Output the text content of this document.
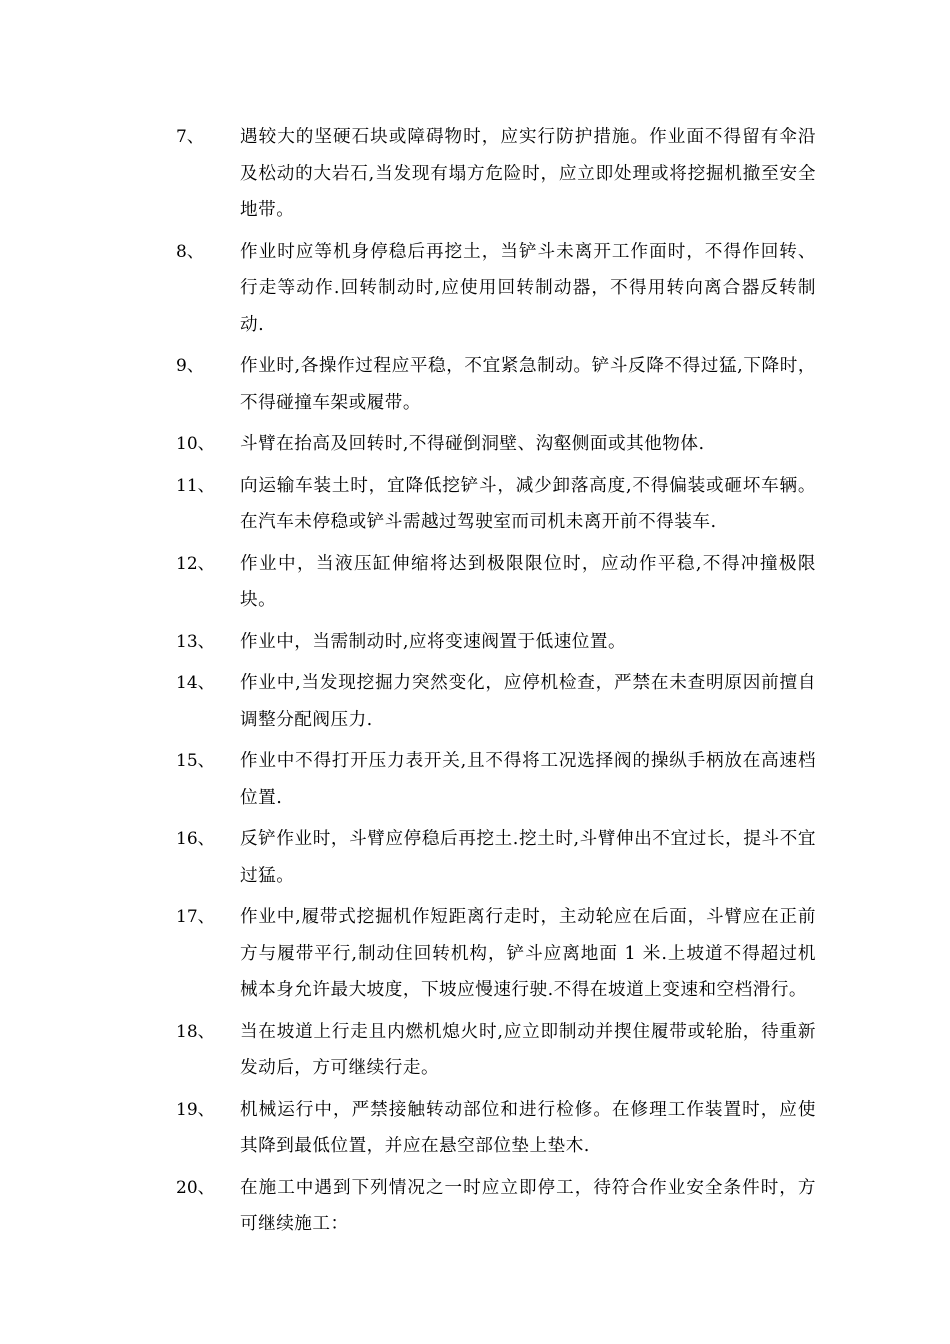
7、 遇较大的坚硬石块或障碍物时，应实行防护措施。作业面不得留有伞沿及松动的大岩石,当发现有塌方危险时，应立即处理或将挖掘机撤至安全地带。
8、 作业时应等机身停稳后再挖土，当铲斗未离开工作面时，不得作回转、行走等动作.回转制动时,应使用回转制动器，不得用转向离合器反转制动.
9、 作业时,各操作过程应平稳，不宜紧急制动。铲斗反降不得过猛,下降时，不得碰撞车架或履带。
10、 斗臂在抬高及回转时,不得碰倒洞壁、沟壑侧面或其他物体.
11、 向运输车装土时，宜降低挖铲斗，减少卸落高度,不得偏装或砸坏车辆。在汽车未停稳或铲斗需越过驾驶室而司机未离开前不得装车.
12、 作业中，当液压缸伸缩将达到极限限位时，应动作平稳,不得冲撞极限块。
13、 作业中，当需制动时,应将变速阀置于低速位置。
14、 作业中,当发现挖掘力突然变化，应停机检查，严禁在未查明原因前擅自调整分配阀压力.
15、 作业中不得打开压力表开关,且不得将工况选择阀的操纵手柄放在高速档位置.
16、 反铲作业时，斗臂应停稳后再挖土.挖土时,斗臂伸出不宜过长，提斗不宜过猛。
17、 作业中,履带式挖掘机作短距离行走时，主动轮应在后面，斗臂应在正前方与履带平行,制动住回转机构，铲斗应离地面 1 米.上坡道不得超过机械本身允许最大坡度，下坡应慢速行驶.不得在坡道上变速和空档滑行。
18、 当在坡道上行走且内燃机熄火时,应立即制动并揳住履带或轮胎，待重新发动后，方可继续行走。
19、 机械运行中，严禁接触转动部位和进行检修。在修理工作装置时，应使其降到最低位置，并应在悬空部位垫上垫木.
20、 在施工中遇到下列情况之一时应立即停工，待符合作业安全条件时，方可继续施工：
